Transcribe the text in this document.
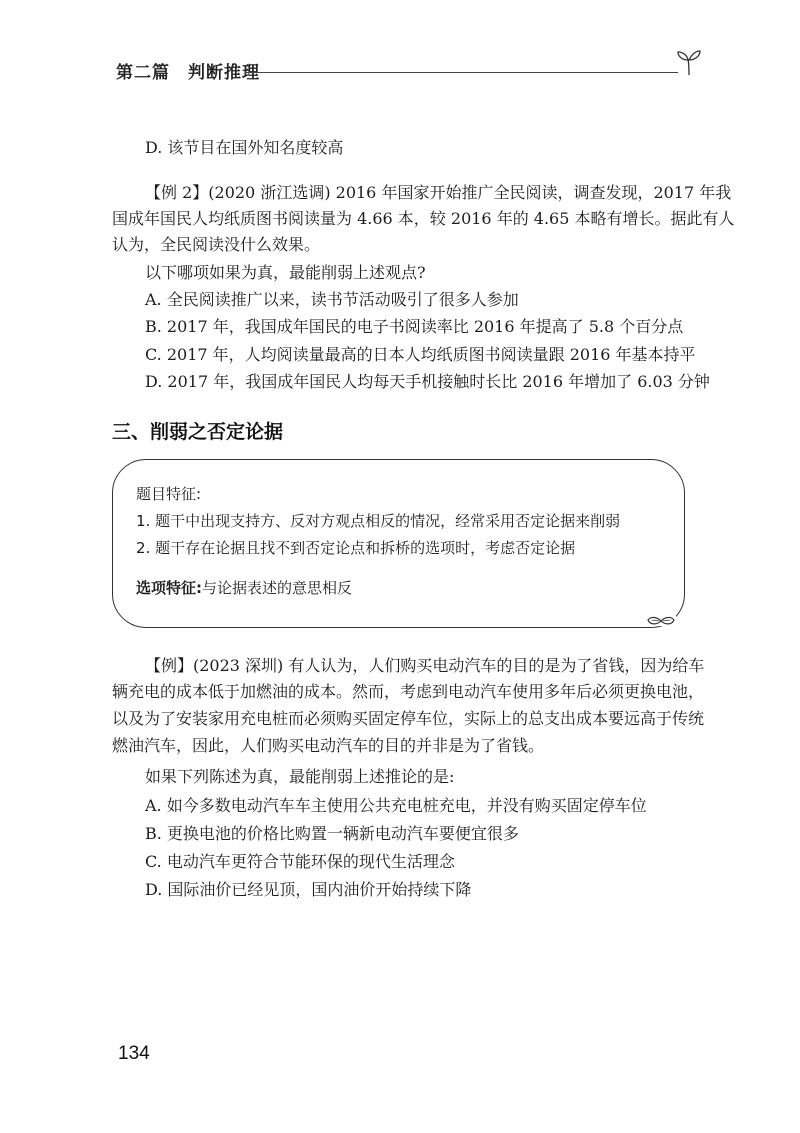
第二篇　判断推理
D. 该节目在国外知名度较高
【例 2】(2020 浙江选调) 2016 年国家开始推广全民阅读，调查发现，2017 年我
国成年国民人均纸质图书阅读量为 4.66 本，较 2016 年的 4.65 本略有增长。据此有人
认为，全民阅读没什么效果。
以下哪项如果为真，最能削弱上述观点?
A. 全民阅读推广以来，读书节活动吸引了很多人参加
B. 2017 年，我国成年国民的电子书阅读率比 2016 年提高了 5.8 个百分点
C. 2017 年，人均阅读量最高的日本人均纸质图书阅读量跟 2016 年基本持平
D. 2017 年，我国成年国民人均每天手机接触时长比 2016 年增加了 6.03 分钟
三、削弱之否定论据
题目特征:
1. 题干中出现支持方、反对方观点相反的情况，经常采用否定论据来削弱
2. 题干存在论据且找不到否定论点和拆桥的选项时，考虑否定论据
选项特征:与论据表述的意思相反
【例】(2023 深圳) 有人认为，人们购买电动汽车的目的是为了省钱，因为给车
辆充电的成本低于加燃油的成本。然而，考虑到电动汽车使用多年后必须更换电池，
以及为了安装家用充电桩而必须购买固定停车位，实际上的总支出成本要远高于传统
燃油汽车，因此，人们购买电动汽车的目的并非是为了省钱。
如果下列陈述为真，最能削弱上述推论的是:
A. 如今多数电动汽车车主使用公共充电桩充电，并没有购买固定停车位
B. 更换电池的价格比购置一辆新电动汽车要便宜很多
C. 电动汽车更符合节能环保的现代生活理念
D. 国际油价已经见顶，国内油价开始持续下降
134
